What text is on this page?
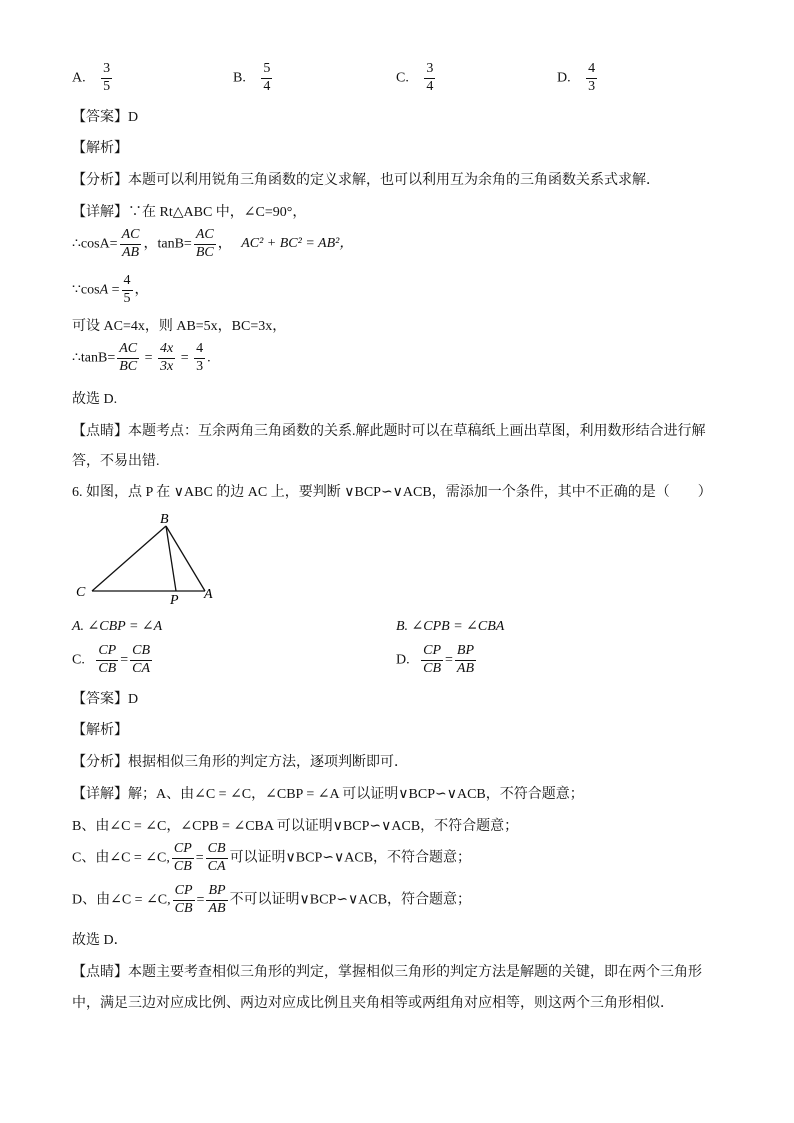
A. $\frac{3}{5}$	B. $\frac{5}{4}$	C. $\frac{3}{4}$	D. $\frac{4}{3}$
【答案】D
【解析】
【分析】本题可以利用锐角三角函数的定义求解，也可以利用互为余角的三角函数关系式求解．
【详解】∵在 Rt△ABC 中，∠C=90°，
∴cosA= $\frac{AC}{AB}$ ，$\tan B= \frac{AC}{BC}$ ， AC² + BC² = AB²，
∵cosA = $\frac{4}{5}$ ，
可设 AC=4x，则 AB=5x，BC=3x，
∴tanB= $\frac{AC}{BC} = \frac{4x}{3x} = \frac{4}{3}$ .
故选 D.
【点睛】本题考点：互余两角三角函数的关系.解此题时可以在草稿纸上画出草图，利用数形结合进行解
答，不易出错.
6. 如图，点 P 在 ∨ABC 的边 AC 上，要判断 ∨BCP∽∨ACB，需添加一个条件，其中不正确的是（　　）
B
C
P A
A. ∠CBP = ∠A	B. ∠CPB = ∠CBA
C. $\frac{CP}{CB} = \frac{CB}{CA}$	D. $\frac{CP}{CB} = \frac{BP}{AB}$
【答案】D
【解析】
【分析】根据相似三角形的判定方法，逐项判断即可．
【详解】解；A、由∠C = ∠C，∠CBP = ∠A 可以证明∨BCP∽∨ACB，不符合题意；
B、由∠C = ∠C，∠CPB = ∠CBA 可以证明∨BCP∽∨ACB，不符合题意；
C、由∠C = ∠C, $\frac{CP}{CB} = \frac{CB}{CA}$ 可以证明∨BCP∽∨ACB，不符合题意；
D、由∠C = ∠C, $\frac{CP}{CB} = \frac{BP}{AB}$ 不可以证明∨BCP∽∨ACB，符合题意；
故选 D．
【点睛】本题主要考查相似三角形的判定，掌握相似三角形的判定方法是解题的关键，即在两个三角形
中，满足三边对应成比例、两边对应成比例且夹角相等或两组角对应相等，则这两个三角形相似．
